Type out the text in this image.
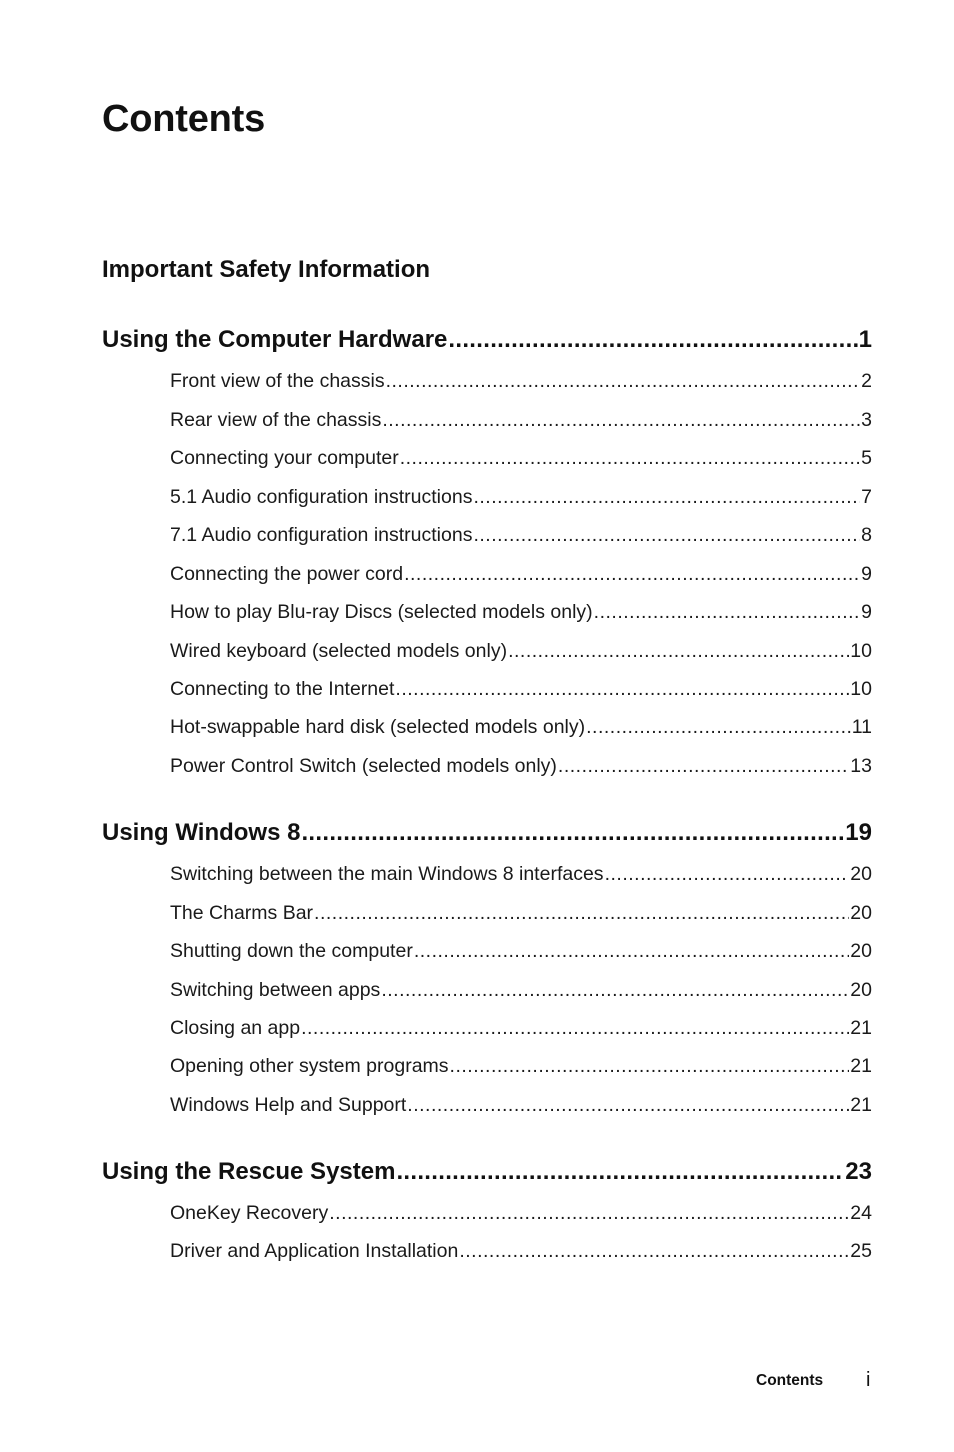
Contents
Important Safety Information
Using the Computer Hardware .....	1
Front view of the chassis .....	2
Rear view of the chassis .....	3
Connecting your computer .....	5
5.1 Audio configuration instructions .....	7
7.1 Audio configuration instructions .....	8
Connecting the power cord .....	9
How to play Blu-ray Discs (selected models only) .....	9
Wired keyboard (selected models only) .....	10
Connecting to the Internet .....	10
Hot-swappable hard disk (selected models only) .....	11
Power Control Switch (selected models only) .....	13
Using Windows 8 .....	19
Switching between the main Windows 8 interfaces .....	20
The Charms Bar .....	20
Shutting down the computer .....	20
Switching between apps .....	20
Closing an app .....	21
Opening other system programs .....	21
Windows Help and Support .....	21
Using the Rescue System .....	23
OneKey Recovery .....	24
Driver and Application Installation .....	25
Contents i
